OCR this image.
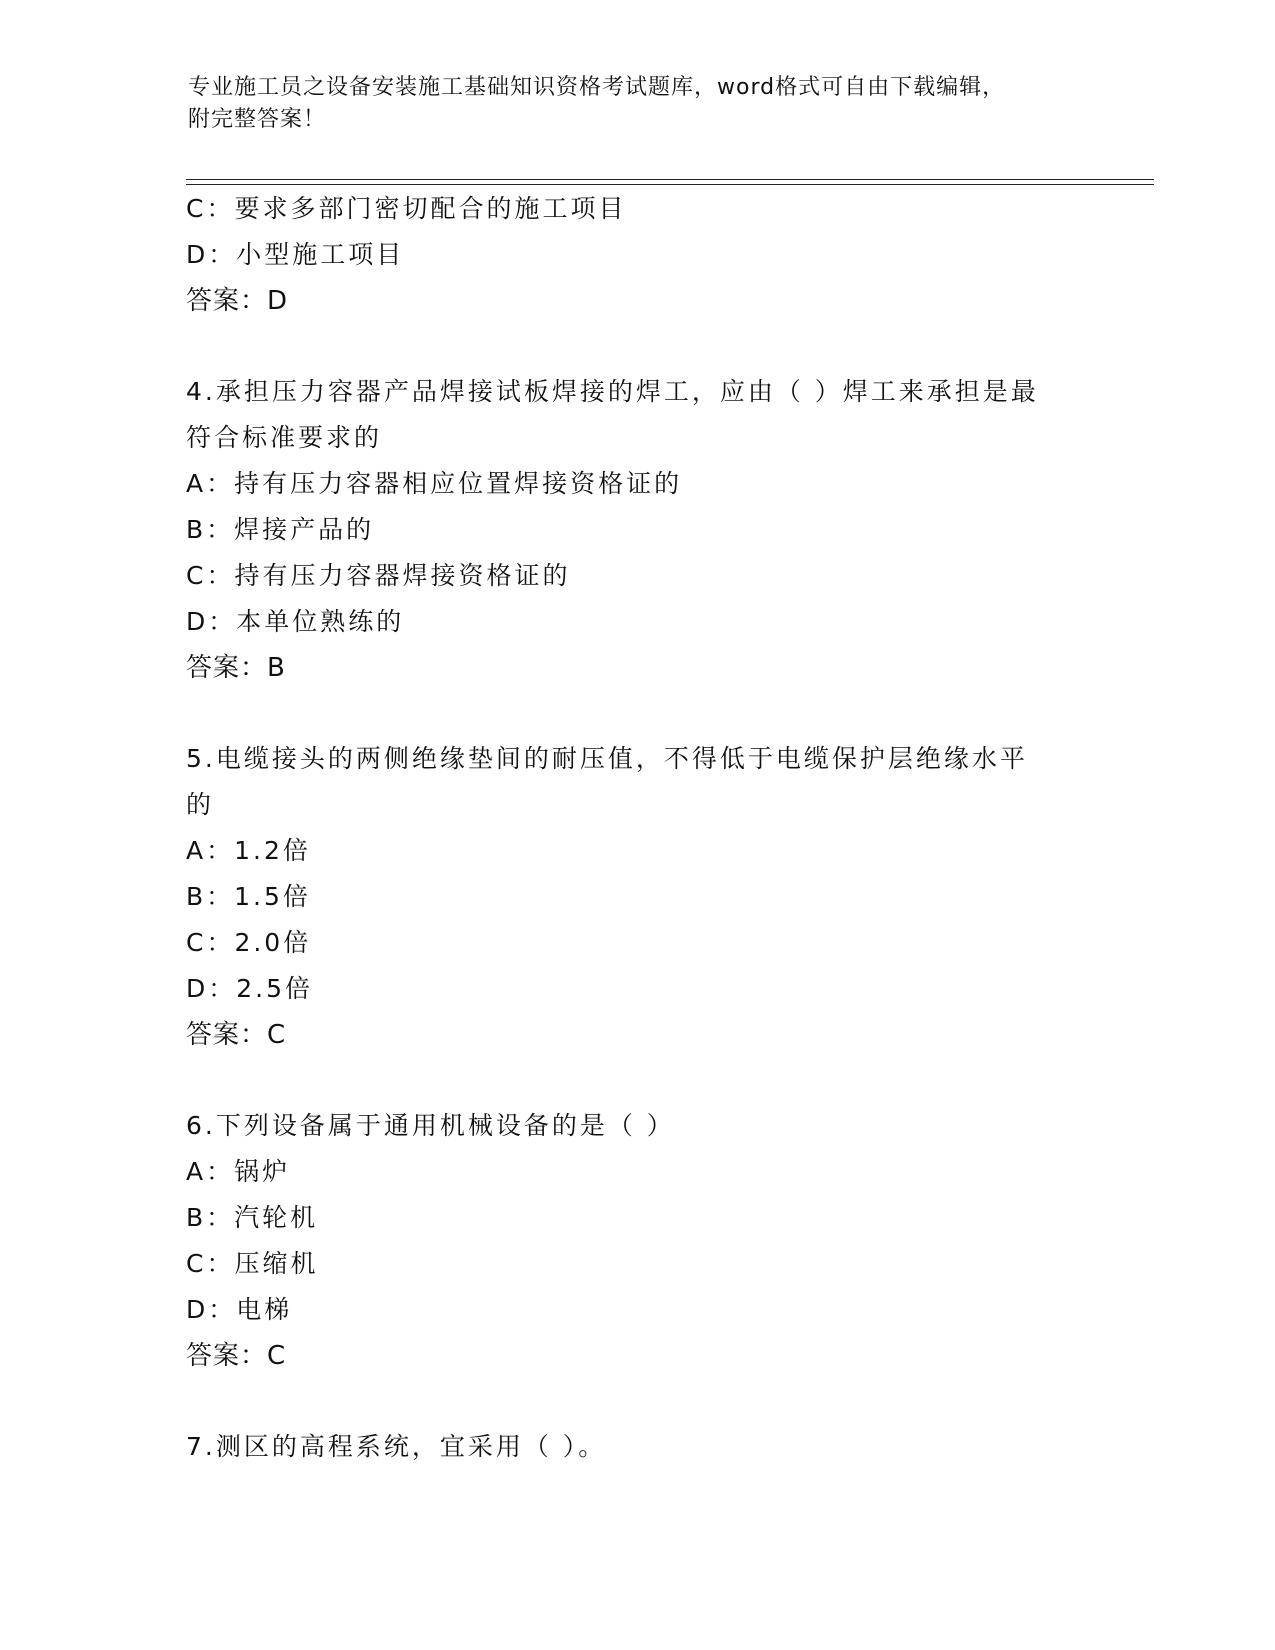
专业施工员之设备安装施工基础知识资格考试题库，word格式可自由下载编辑，
附完整答案！
C：要求多部门密切配合的施工项目
D：小型施工项目
答案：D
4.承担压力容器产品焊接试板焊接的焊工，应由（ ）焊工来承担是最
符合标准要求的
A：持有压力容器相应位置焊接资格证的
B：焊接产品的
C：持有压力容器焊接资格证的
D：本单位熟练的
答案：B
5.电缆接头的两侧绝缘垫间的耐压值，不得低于电缆保护层绝缘水平
的
A：1.2倍
B：1.5倍
C：2.0倍
D：2.5倍
答案：C
6.下列设备属于通用机械设备的是（ ）
A：锅炉
B：汽轮机
C：压缩机
D：电梯
答案：C
7.测区的高程系统，宜采用（ ）。
